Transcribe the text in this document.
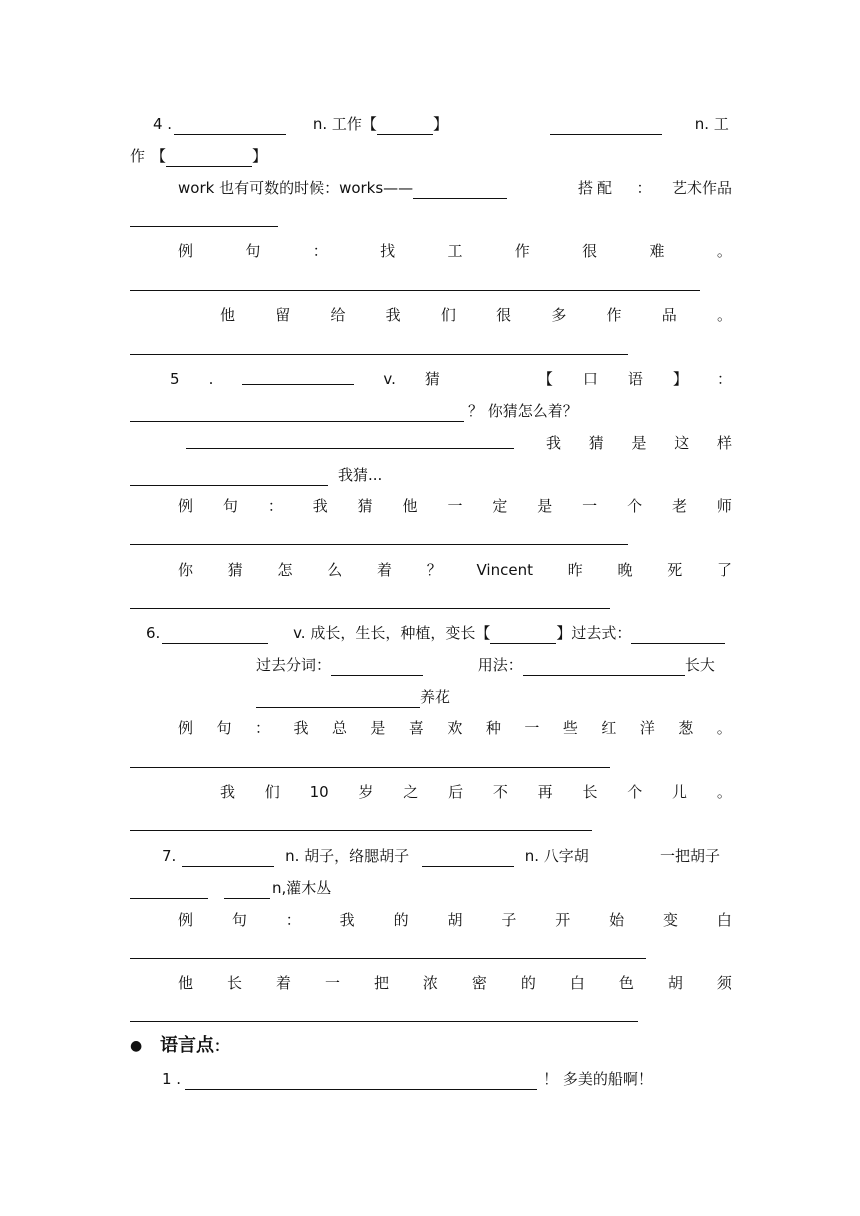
4 .	n. 工作【	】	n. 工
作 【	】
work 也有可数的时候：works——	搭配 ： 艺术作品
例	句	：	找	工	作	很	难	。
他	留	给	我	们	很	多	作	品	。
5 .	v. 猜	【 口 语 】 ：
？ 你猜怎么着？
我 猜 是 这 样
我猜...
例 句 ： 我 猜 他 一 定 是 一 个 老 师
你 猜 怎 么 着 ？ Vincent 昨 晚 死 了
6.	v. 成长，生长，种植，变长【	】过去式：
过去分词：	用法：	长大
养花
例 句 ： 我 总 是 喜 欢 种 一 些 红 洋 葱 。
我 们 10 岁 之 后 不 再 长 个 儿 。
7.	n. 胡子，络腮胡子	n. 八字胡	一把胡子
n,灌木丛
例	句	：	我	的	胡	子	开	始	变	白
他 长 着 一 把 浓 密 的 白 色 胡 须
● 语言点：
1 .	！ 多美的船啊！
